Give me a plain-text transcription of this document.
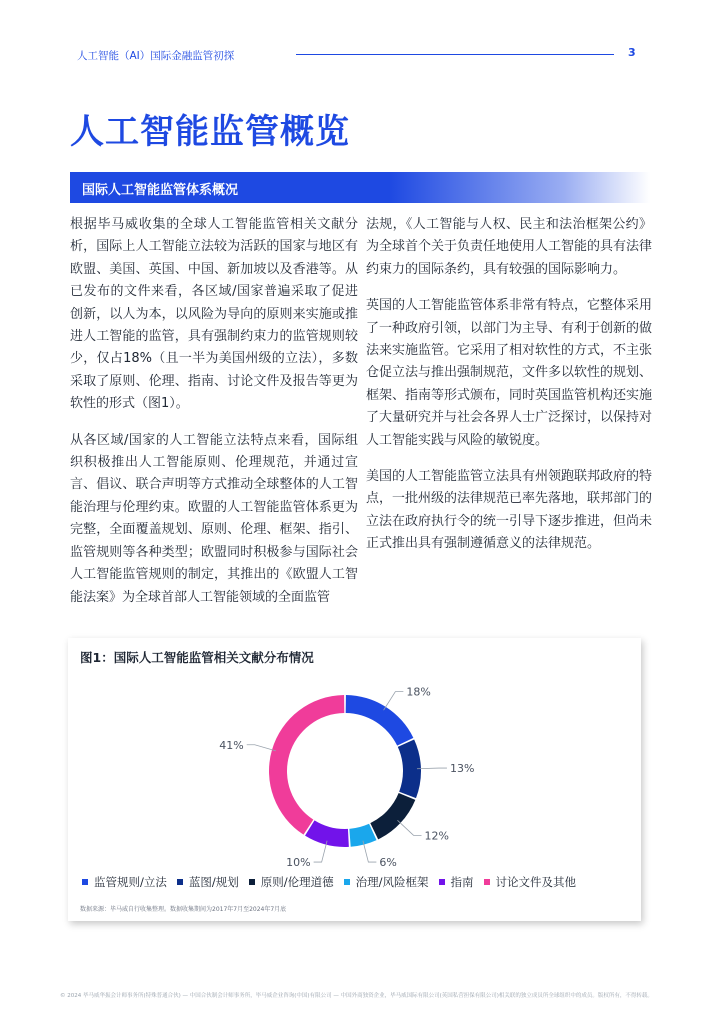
人工智能（AI）国际金融监管初探	3
人工智能监管概览
国际人工智能监管体系概况

根据毕马威收集的全球人工智能监管相关文献分析，国际上人工智能立法较为活跃的国家与地区有欧盟、美国、英国、中国、新加坡以及香港等。从已发布的文件来看，各区域/国家普遍采取了促进创新，以人为本，以风险为导向的原则来实施或推进人工智能的监管，具有强制约束力的监管规则较少，仅占18%（且一半为美国州级的立法），多数采取了原则、伦理、指南、讨论文件及报告等更为软性的形式（图1）。

从各区域/国家的人工智能立法特点来看，国际组织积极推出人工智能原则、伦理规范，并通过宣言、倡议、联合声明等方式推动全球整体的人工智能治理与伦理约束。欧盟的人工智能监管体系更为完整，全面覆盖规划、原则、伦理、框架、指引、监管规则等各种类型；欧盟同时积极参与国际社会人工智能监管规则的制定，其推出的《欧盟人工智能法案》为全球首部人工智能领域的全面监管

法规，《人工智能与人权、民主和法治框架公约》为全球首个关于负责任地使用人工智能的具有法律约束力的国际条约，具有较强的国际影响力。

英国的人工智能监管体系非常有特点，它整体采用了一种政府引领，以部门为主导、有利于创新的做法来实施监管。它采用了相对软性的方式，不主张仓促立法与推出强制规范，文件多以软性的规划、框架、指南等形式颁布，同时英国监管机构还实施了大量研究并与社会各界人士广泛探讨，以保持对人工智能实践与风险的敏锐度。

美国的人工智能监管立法具有州领跑联邦政府的特点，一批州级的法律规范已率先落地，联邦部门的立法在政府执行令的统一引导下逐步推进，但尚未正式推出具有强制遵循意义的法律规范。

图1：国际人工智能监管相关文献分布情况
18%
13%
12%
6%
10%
41%
监管规则/立法 蓝图/规划 原则/伦理道德 治理/风险框架 指南 讨论文件及其他
数据来源：毕马威自行收集整理。数据收集期间为2017年7月至2024年7月底
© 2024 毕马威华振会计师事务所(特殊普通合伙) — 中国合伙制会计师事务所，毕马威企业咨询(中国)有限公司 — 中国外商独资企业，毕马威国际有限公司(英国私营担保有限公司)相关联的独立成员所全球组织中的成员。版权所有，不得转载。
